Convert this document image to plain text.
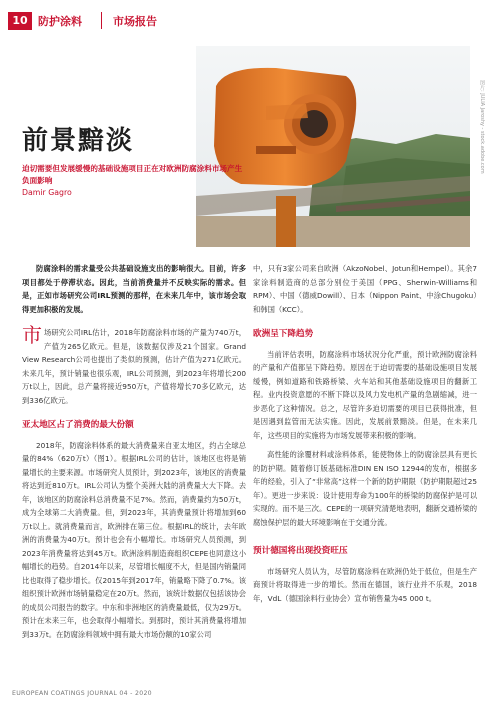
10 防护涂料	市场报告
图片: JULIA Jaroshy - stock.adobe.com
前景黯淡
迫切需要但发展缓慢的基础设施项目正在对欧洲防腐涂料市场产生负面影响
Damir Gagro

防腐涂料的需求量受公共基础设施支出的影响很大。目前，许多项目都处于停滞状态。因此，当前消费量并不反映实际的需求。但是，正如市场研究公司IRL预测的那样，在未来几年中，该市场会取得更加积极的发展。

市场研究公司IRL估计，2018年防腐涂料市场的产量为740万t，产值为265亿欧元。但是，该数据仅涉及21个国家。Grand View Research公司也提出了类似的预测，估计产值为271亿欧元。未来几年，预计销量也很乐观，IRL公司预测，到2023年将增长200万t以上，因此，总产量将接近950万t，产值将增长70多亿欧元，达到336亿欧元。

亚太地区占了消费的最大份额

2018年，防腐涂料体系的最大消费量来自亚太地区，约占全球总量的84%（620万t）（图1）。根据IRL公司的估计，该地区也将是销量增长的主要来源。市场研究人员预计，到2023年，该地区的消费量将达到近810万t。IRL公司认为整个美洲大陆的消费量大大下降。去年，该地区的防腐涂料总消费量不足7%。然而，消费量约为50万t，成为全球第二大消费量。但，到2023年，其消费量预计将增加到60万t以上。就消费量而言，欧洲排在第三位。根据IRL的统计，去年欧洲的消费量为40万t。预计也会有小幅增长。市场研究人员预测，到2023年消费量将达到45万t。欧洲涂料制造商组织CEPE也同意这小幅增长的趋势。自2014年以来，尽管增长幅度不大，但是国内销量同比也取得了稳步增长。仅2015年到2017年，销量略下降了0.7%。该组织预计欧洲市场销量稳定在20万t。然而，该统计数据仅包括该协会的成员公司报告的数字。中东和非洲地区的消费量最低，仅为29万t。预计在未来三年，也会取得小幅增长。到那时，预计其消费量将增加到33万t。在防腐涂料领域中拥有最大市场份额的10家公司

中，只有3家公司来自欧洲（AkzoNobel、Jotun和Hempel）。其余7家涂料制造商的总部分别位于美国（PPG、Sherwin-Williams和RPM）、中国（德威Dowill）、日本（Nippon Paint、中涂Chugoku）和韩国（KCC）。

欧洲呈下降趋势

当前评估表明，防腐涂料市场状况分化严重，预计欧洲防腐涂料的产量和产值都呈下降趋势。原因在于迫切需要的基础设施项目发展缓慢，例如道路和铁路桥梁、火车站和其他基础设施项目的翻新工程。业内投资意愿的不断下降以及风力发电机产量的急剧缩减，进一步恶化了这种情况。总之，尽管许多迫切需要的项目已获得批准，但是因遇到监管而无法实施。因此，发展前景黯淡。但是，在未来几年，这些项目的实施将为市场发展带来积极的影响。

高性能的涂覆材料或涂料体系，能使物体上的防腐涂层具有更长的防护期。随着修订版基础标准DIN EN ISO 12944的发布，根据多年的经验，引入了“非常高”这样一个新的防护期限（防护期限超过25年）。更进一步来说：设计使用寿命为100年的桥梁的防腐保护是可以实现的。而不是三次。CEPE的一项研究清楚地表明，翻新交通桥梁的腐蚀保护层的最大环境影响在于交通分流。

预计德国将出现投资旺压

市场研究人员认为，尽管防腐涂料在欧洲仍处于低位，但是生产商预计将取得进一步的增长。然而在德国，该行业并不乐观，2018年，VdL（德国涂料行业协会）宣布销售量为45 000 t。

EUROPEAN COATINGS JOURNAL 04 - 2020
